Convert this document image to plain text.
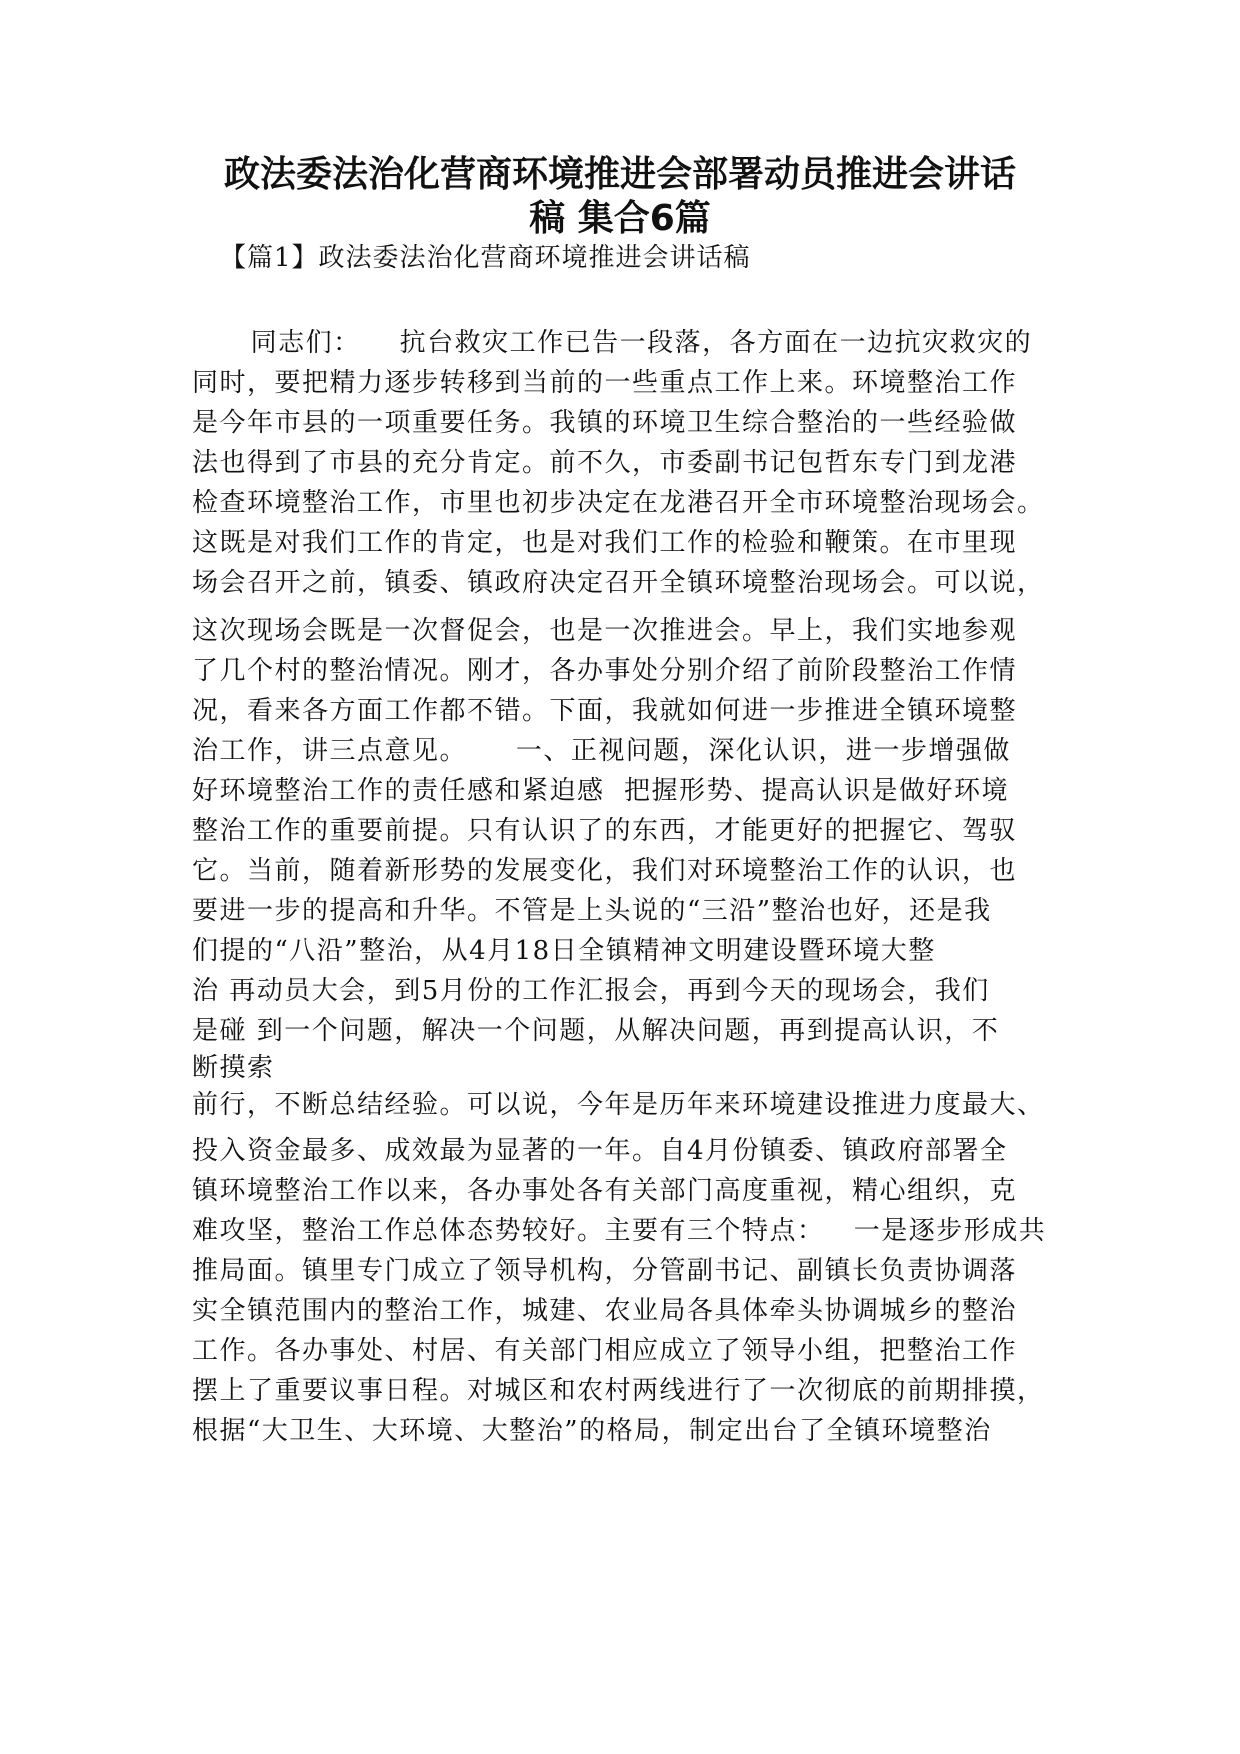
政法委法治化营商环境推进会部署动员推进会讲话
稿 集合6篇
【篇1】政法委法治化营商环境推进会讲话稿
同志们：    抗台救灾工作已告一段落，各方面在一边抗灾救灾的
同时，要把精力逐步转移到当前的一些重点工作上来。环境整治工作
是今年市县的一项重要任务。我镇的环境卫生综合整治的一些经验做
法也得到了市县的充分肯定。前不久，市委副书记包哲东专门到龙港
检查环境整治工作，市里也初步决定在龙港召开全市环境整治现场会。
这既是对我们工作的肯定，也是对我们工作的检验和鞭策。在市里现
场会召开之前，镇委、镇政府决定召开全镇环境整治现场会。可以说，
这次现场会既是一次督促会，也是一次推进会。早上，我们实地参观
了几个村的整治情况。刚才，各办事处分别介绍了前阶段整治工作情
况，看来各方面工作都不错。下面，我就如何进一步推进全镇环境整
治工作，讲三点意见。     一、正视问题，深化认识，进一步增强做
好环境整治工作的责任感和紧迫感  把握形势、提高认识是做好环境
整治工作的重要前提。只有认识了的东西，才能更好的把握它、驾驭
它。当前，随着新形势的发展变化，我们对环境整治工作的认识，也
要进一步的提高和升华。不管是上头说的“三沿”整治也好，还是我
们提的“八沿”整治，从4月18日全镇精神文明建设暨环境大整
治 再动员大会，到5月份的工作汇报会，再到今天的现场会，我们
是碰 到一个问题，解决一个问题，从解决问题，再到提高认识，不
断摸索
前行，不断总结经验。可以说，今年是历年来环境建设推进力度最大、
投入资金最多、成效最为显著的一年。自4月份镇委、镇政府部署全
镇环境整治工作以来，各办事处各有关部门高度重视，精心组织，克
难攻坚，整治工作总体态势较好。主要有三个特点：   一是逐步形成共
推局面。镇里专门成立了领导机构，分管副书记、副镇长负责协调落
实全镇范围内的整治工作，城建、农业局各具体牵头协调城乡的整治
工作。各办事处、村居、有关部门相应成立了领导小组，把整治工作
摆上了重要议事日程。对城区和农村两线进行了一次彻底的前期排摸，
根据“大卫生、大环境、大整治”的格局，制定出台了全镇环境整治
